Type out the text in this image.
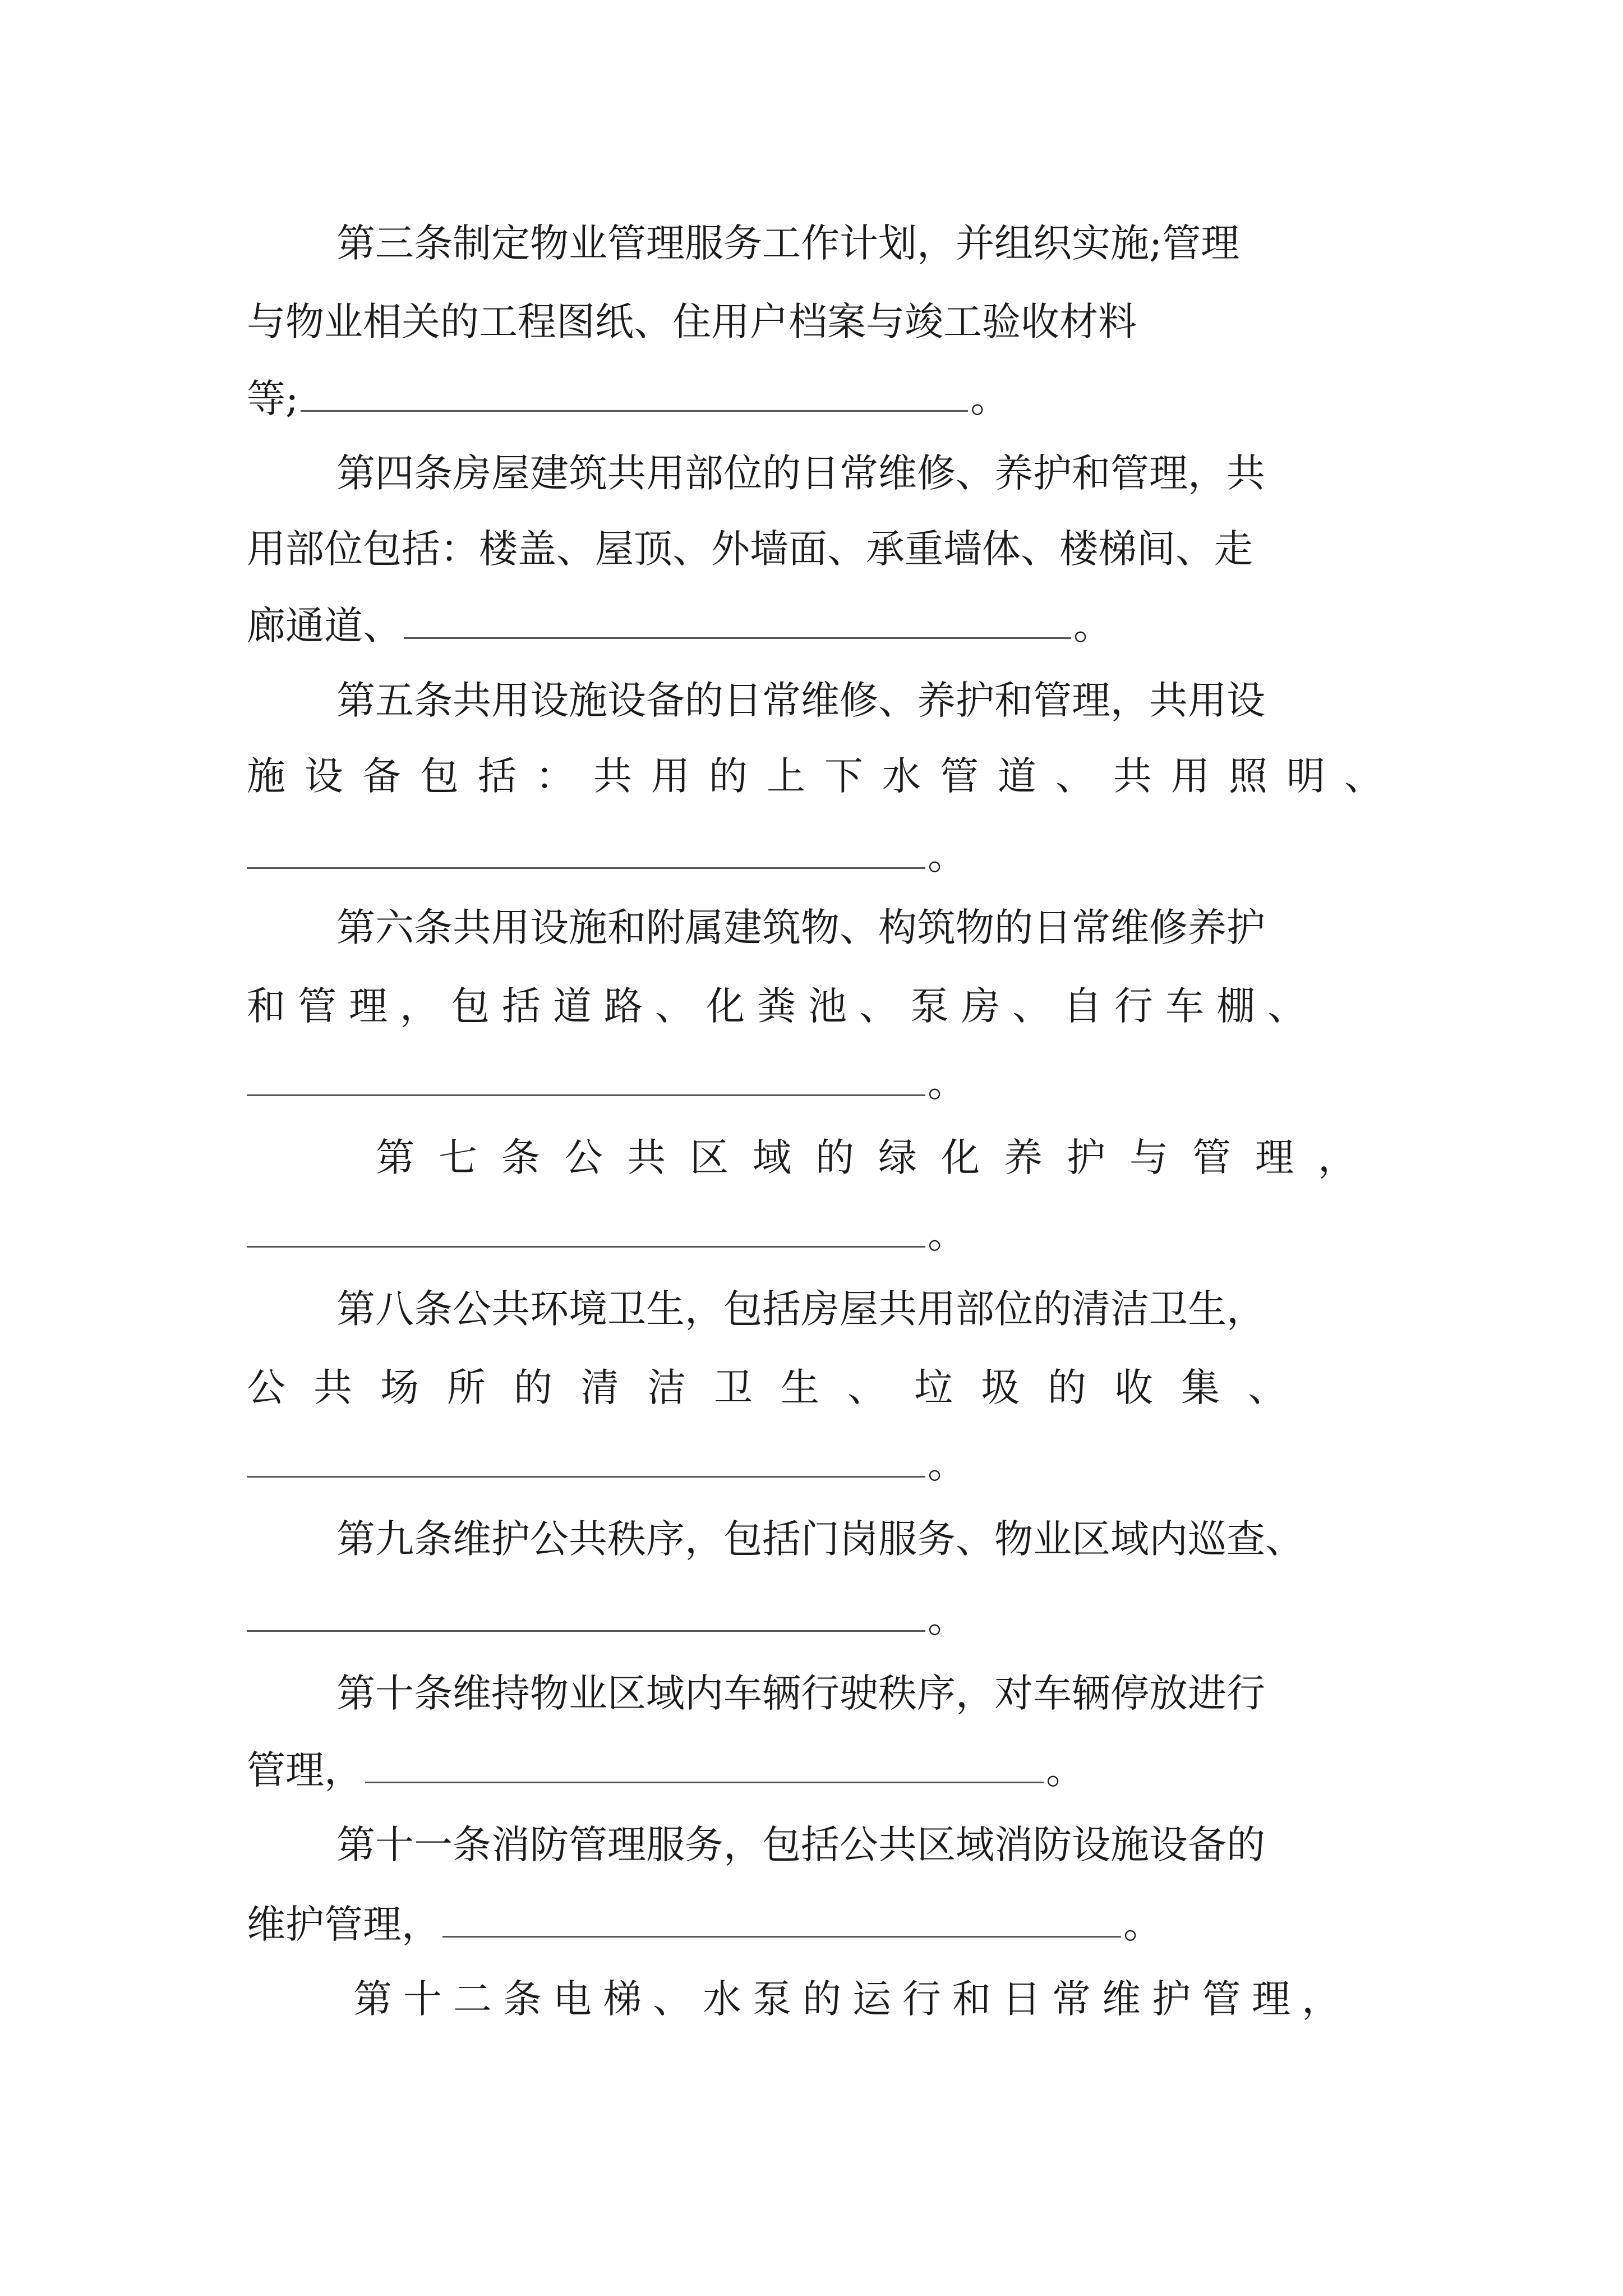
第三条制定物业管理服务工作计划，并组织实施;管理
与物业相关的工程图纸、住用户档案与竣工验收材料
等;	。
第四条房屋建筑共用部位的日常维修、养护和管理，共
用部位包括：楼盖、屋顶、外墙面、承重墙体、楼梯间、走
廊通道、	。
第五条共用设施设备的日常维修、养护和管理，共用设
施设备包括：共用的上下水管道、共用照明、
。
第六条共用设施和附属建筑物、构筑物的日常维修养护
和管理，包括道路、化粪池、泵房、自行车棚、
。
第七条公共区域的绿化养护与管理，
。
第八条公共环境卫生，包括房屋共用部位的清洁卫生，
公共场所的清洁卫生、垃圾的收集、
。
第九条维护公共秩序，包括门岗服务、物业区域内巡查、
。
第十条维持物业区域内车辆行驶秩序，对车辆停放进行
管理，	。
第十一条消防管理服务，包括公共区域消防设施设备的
维护管理，	。
第十二条电梯、水泵的运行和日常维护管理，
